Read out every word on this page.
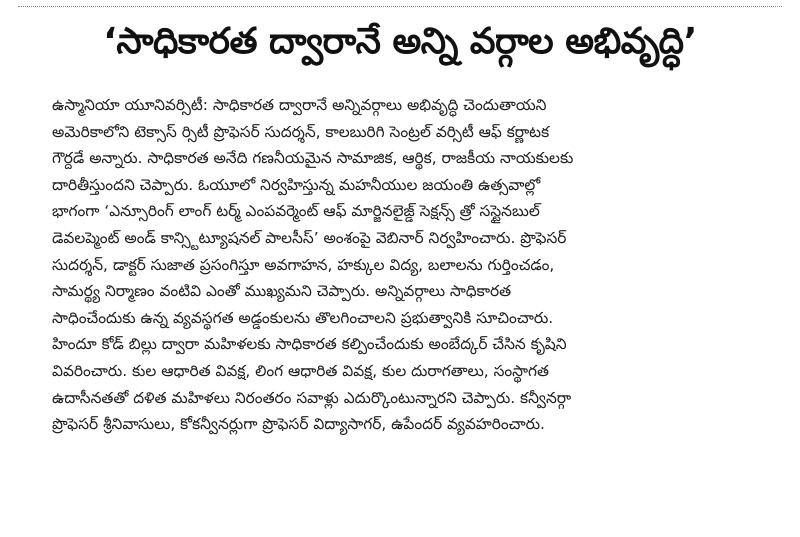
‘సాధికారత ద్వారానే అన్ని వర్గాల అభివృద్ధి’
ఉస్మానియా యూనివర్సిటీ: సాధికారత ద్వారానే అన్నివర్గాలు అభివృద్ధి చెందుతాయని
అమెరికాలోని టెక్సాస్ ర్సిటీ ప్రొఫెసర్ సుదర్శన్, కాలబురిగి సెంట్రల్ వర్సిటీ ఆఫ్ కర్ణాటక
గౌర్దడే అన్నారు. సాధికారత అనేది గణనీయమైన సామాజిక, ఆర్థిక, రాజకీయ నాయకులకు
దారితీస్తుందని చెప్పారు. ఓయూలో నిర్వహిస్తున్న మహనీయుల జయంతి ఉత్సవాల్లో
భాగంగా ‘ఎన్సూరింగ్ లాంగ్ టర్మ్ ఎంపవర్మెంట్ ఆఫ్ మార్జినలైజ్డ్ సెక్షన్స్ త్రో సస్టైనబుల్
డెవలప్మెంట్ అండ్ కాన్స్టిట్యూషనల్ పాలసీస్’ అంశంపై వెబినార్ నిర్వహించారు. ప్రొఫెసర్
సుదర్శన్, డాక్టర్ సుజాత ప్రసంగిస్తూ అవగాహన, హక్కుల విద్య, బలాలను గుర్తించడం,
సామర్థ్య నిర్మాణం వంటివి ఎంతో ముఖ్యమని చెప్పారు. అన్నివర్గాలు సాధికారత
సాధించేందుకు ఉన్న వ్యవస్థగత అడ్డంకులను తొలగించాలని ప్రభుత్వానికి సూచించారు.
హిందూ కోడ్ బిల్లు ద్వారా మహిళలకు సాధికారత కల్పించేందుకు అంబేద్కర్ చేసిన కృషిని
వివరించారు. కుల ఆధారిత వివక్ష, లింగ ఆధారిత వివక్ష, కుల దురాగతాలు, సంస్థాగత
ఉదాసీనతతో దళిత మహిళలు నిరంతరం సవాళ్లు ఎదుర్కొంటున్నారని చెప్పారు. కన్వీనర్గా
ప్రొఫెసర్ శ్రీనివాసులు, కోకన్వీనర్లుగా ప్రొఫెసర్ విద్యాసాగర్, ఉపేందర్ వ్యవహరించారు.
